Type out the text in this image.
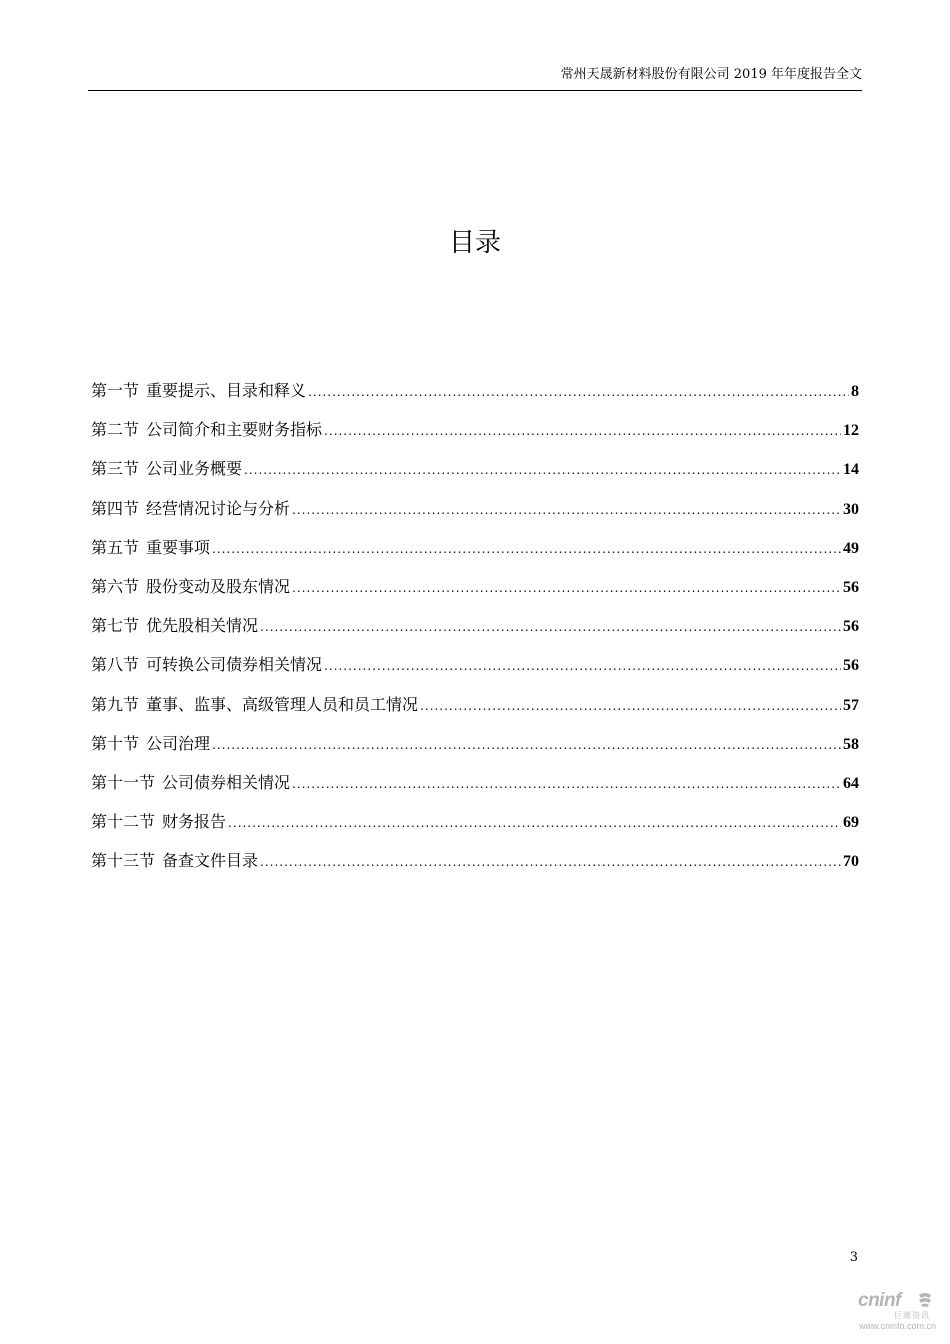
常州天晟新材料股份有限公司 2019 年年度报告全文
目录
第一节 重要提示、目录和释义 .....	8
第二节 公司简介和主要财务指标 .....	12
第三节 公司业务概要 .....	14
第四节 经营情况讨论与分析 .....	30
第五节 重要事项 .....	49
第六节 股份变动及股东情况 .....	56
第七节 优先股相关情况 .....	56
第八节 可转换公司债券相关情况 .....	56
第九节 董事、监事、高级管理人员和员工情况 .....	57
第十节 公司治理 .....	58
第十一节 公司债券相关情况 .....	64
第十二节 财务报告 .....	69
第十三节 备查文件目录 .....	70
3
cninf
巨潮资讯
www.cninfo.com.cn
